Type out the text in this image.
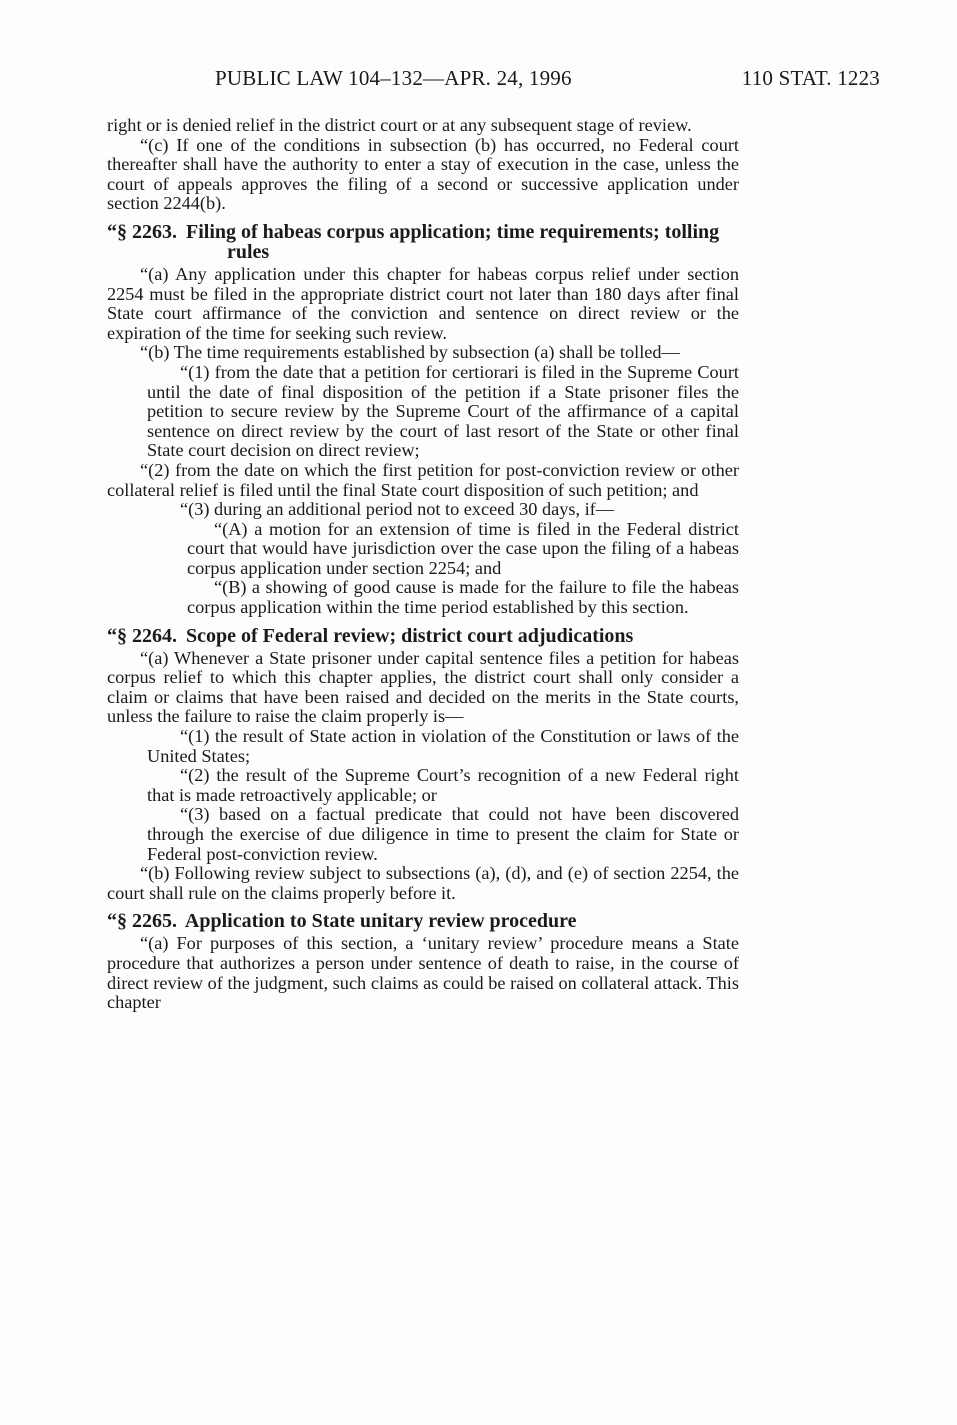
PUBLIC LAW 104–132—APR. 24, 1996	110 STAT. 1223

right or is denied relief in the district court or at any subsequent stage of review.

“(c) If one of the conditions in subsection (b) has occurred, no Federal court thereafter shall have the authority to enter a stay of execution in the case, unless the court of appeals approves the filing of a second or successive application under section 2244(b).

“§ 2263. Filing of habeas corpus application; time requirements; tolling rules

“(a) Any application under this chapter for habeas corpus relief under section 2254 must be filed in the appropriate district court not later than 180 days after final State court affirmance of the conviction and sentence on direct review or the expiration of the time for seeking such review.

“(b) The time requirements established by subsection (a) shall be tolled—

“(1) from the date that a petition for certiorari is filed in the Supreme Court until the date of final disposition of the petition if a State prisoner files the petition to secure review by the Supreme Court of the affirmance of a capital sentence on direct review by the court of last resort of the State or other final State court decision on direct review;

“(2) from the date on which the first petition for post-conviction review or other collateral relief is filed until the final State court disposition of such petition; and

“(3) during an additional period not to exceed 30 days, if—

“(A) a motion for an extension of time is filed in the Federal district court that would have jurisdiction over the case upon the filing of a habeas corpus application under section 2254; and

“(B) a showing of good cause is made for the failure to file the habeas corpus application within the time period established by this section.

“§ 2264. Scope of Federal review; district court adjudications

“(a) Whenever a State prisoner under capital sentence files a petition for habeas corpus relief to which this chapter applies, the district court shall only consider a claim or claims that have been raised and decided on the merits in the State courts, unless the failure to raise the claim properly is—

“(1) the result of State action in violation of the Constitution or laws of the United States;

“(2) the result of the Supreme Court’s recognition of a new Federal right that is made retroactively applicable; or

“(3) based on a factual predicate that could not have been discovered through the exercise of due diligence in time to present the claim for State or Federal post-conviction review.

“(b) Following review subject to subsections (a), (d), and (e) of section 2254, the court shall rule on the claims properly before it.

“§ 2265. Application to State unitary review procedure

“(a) For purposes of this section, a ‘unitary review’ procedure means a State procedure that authorizes a person under sentence of death to raise, in the course of direct review of the judgment, such claims as could be raised on collateral attack. This chapter
